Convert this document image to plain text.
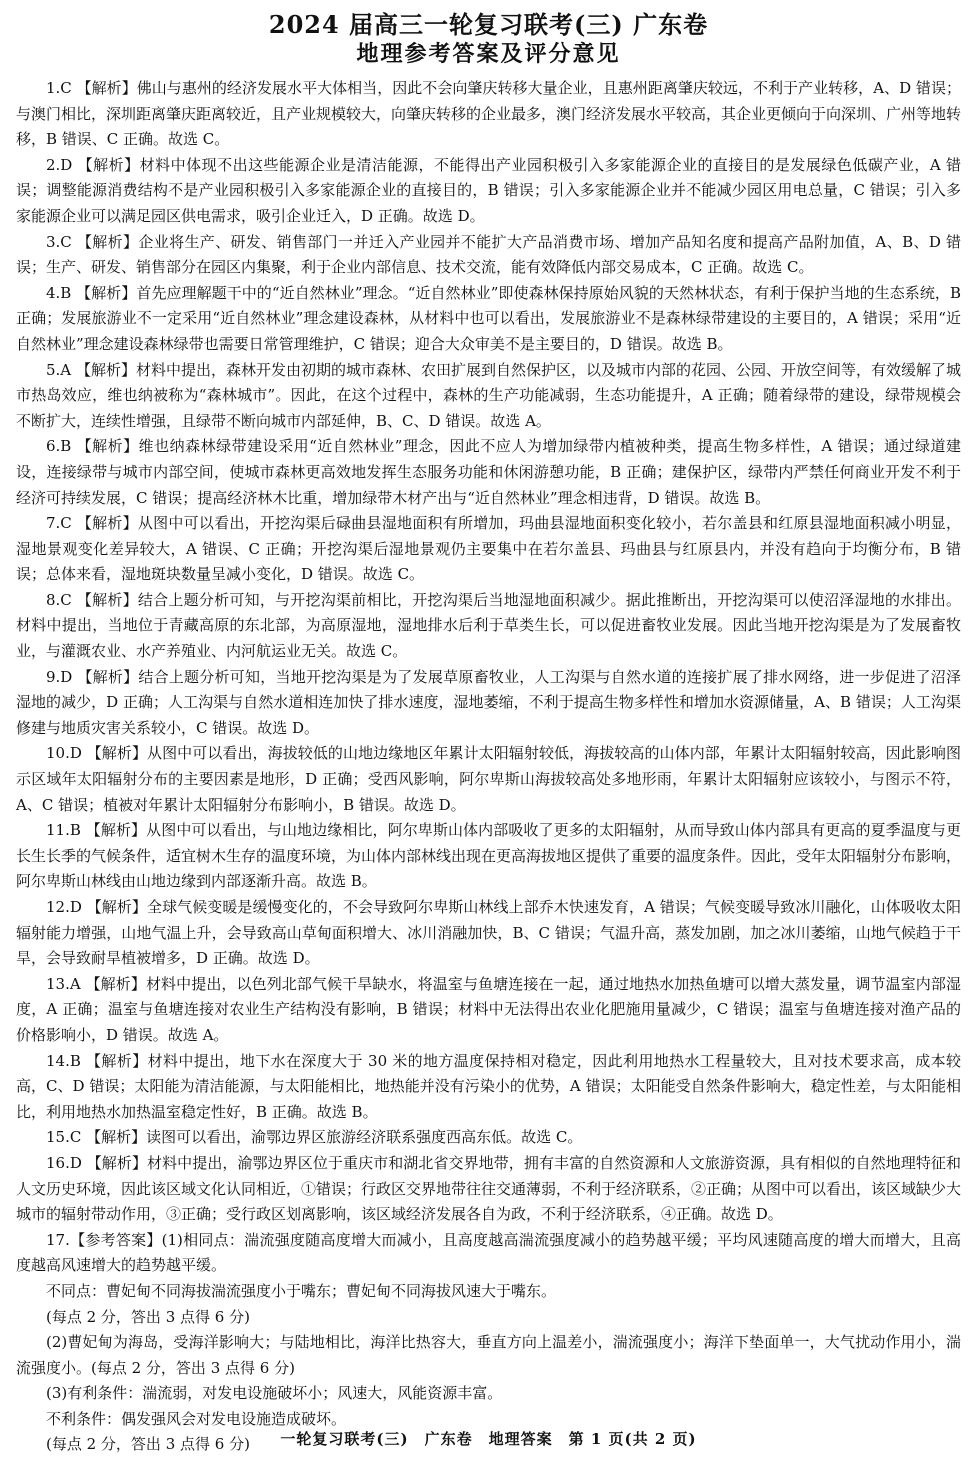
2024 届高三一轮复习联考(三) 广东卷
地理参考答案及评分意见

1.C 【解析】佛山与惠州的经济发展水平大体相当，因此不会向肇庆转移大量企业，且惠州距离肇庆较远，不利于产业转移，A、D 错误；与澳门相比，深圳距离肇庆距离较近，且产业规模较大，向肇庆转移的企业最多，澳门经济发展水平较高，其企业更倾向于向深圳、广州等地转移，B 错误、C 正确。故选 C。

2.D 【解析】材料中体现不出这些能源企业是清洁能源，不能得出产业园积极引入多家能源企业的直接目的是发展绿色低碳产业，A 错误；调整能源消费结构不是产业园积极引入多家能源企业的直接目的，B 错误；引入多家能源企业并不能减少园区用电总量，C 错误；引入多家能源企业可以满足园区供电需求，吸引企业迁入，D 正确。故选 D。

3.C 【解析】企业将生产、研发、销售部门一并迁入产业园并不能扩大产品消费市场、增加产品知名度和提高产品附加值，A、B、D 错误；生产、研发、销售部分在园区内集聚，利于企业内部信息、技术交流，能有效降低内部交易成本，C 正确。故选 C。

4.B 【解析】首先应理解题干中的“近自然林业”理念。“近自然林业”即使森林保持原始风貌的天然林状态，有利于保护当地的生态系统，B 正确；发展旅游业不一定采用“近自然林业”理念建设森林，从材料中也可以看出，发展旅游业不是森林绿带建设的主要目的，A 错误；采用“近自然林业”理念建设森林绿带也需要日常管理维护，C 错误；迎合大众审美不是主要目的，D 错误。故选 B。

5.A 【解析】材料中提出，森林开发由初期的城市森林、农田扩展到自然保护区，以及城市内部的花园、公园、开放空间等，有效缓解了城市热岛效应，维也纳被称为“森林城市”。因此，在这个过程中，森林的生产功能减弱，生态功能提升，A 正确；随着绿带的建设，绿带规模会不断扩大，连续性增强，且绿带不断向城市内部延伸，B、C、D 错误。故选 A。

6.B 【解析】维也纳森林绿带建设采用“近自然林业”理念，因此不应人为增加绿带内植被种类，提高生物多样性，A 错误；通过绿道建设，连接绿带与城市内部空间，使城市森林更高效地发挥生态服务功能和休闲游憩功能，B 正确；建保护区，绿带内严禁任何商业开发不利于经济可持续发展，C 错误；提高经济林木比重，增加绿带木材产出与“近自然林业”理念相违背，D 错误。故选 B。

7.C 【解析】从图中可以看出，开挖沟渠后碌曲县湿地面积有所增加，玛曲县湿地面积变化较小，若尔盖县和红原县湿地面积减小明显，湿地景观变化差异较大，A 错误、C 正确；开挖沟渠后湿地景观仍主要集中在若尔盖县、玛曲县与红原县内，并没有趋向于均衡分布，B 错误；总体来看，湿地斑块数量呈减小变化，D 错误。故选 C。

8.C 【解析】结合上题分析可知，与开挖沟渠前相比，开挖沟渠后当地湿地面积减少。据此推断出，开挖沟渠可以使沼泽湿地的水排出。材料中提出，当地位于青藏高原的东北部，为高原湿地，湿地排水后利于草类生长，可以促进畜牧业发展。因此当地开挖沟渠是为了发展畜牧业，与灌溉农业、水产养殖业、内河航运业无关。故选 C。

9.D 【解析】结合上题分析可知，当地开挖沟渠是为了发展草原畜牧业，人工沟渠与自然水道的连接扩展了排水网络，进一步促进了沼泽湿地的减少，D 正确；人工沟渠与自然水道相连加快了排水速度，湿地萎缩，不利于提高生物多样性和增加水资源储量，A、B 错误；人工沟渠修建与地质灾害关系较小，C 错误。故选 D。

10.D 【解析】从图中可以看出，海拔较低的山地边缘地区年累计太阳辐射较低，海拔较高的山体内部，年累计太阳辐射较高，因此影响图示区域年太阳辐射分布的主要因素是地形，D 正确；受西风影响，阿尔卑斯山海拔较高处多地形雨，年累计太阳辐射应该较小，与图示不符，A、C 错误；植被对年累计太阳辐射分布影响小，B 错误。故选 D。

11.B 【解析】从图中可以看出，与山地边缘相比，阿尔卑斯山体内部吸收了更多的太阳辐射，从而导致山体内部具有更高的夏季温度与更长生长季的气候条件，适宜树木生存的温度环境，为山体内部林线出现在更高海拔地区提供了重要的温度条件。因此，受年太阳辐射分布影响，阿尔卑斯山林线由山地边缘到内部逐渐升高。故选 B。

12.D 【解析】全球气候变暖是缓慢变化的，不会导致阿尔卑斯山林线上部乔木快速发育，A 错误；气候变暖导致冰川融化，山体吸收太阳辐射能力增强，山地气温上升，会导致高山草甸面积增大、冰川消融加快，B、C 错误；气温升高，蒸发加剧，加之冰川萎缩，山地气候趋于干旱，会导致耐旱植被增多，D 正确。故选 D。

13.A 【解析】材料中提出，以色列北部气候干旱缺水，将温室与鱼塘连接在一起，通过地热水加热鱼塘可以增大蒸发量，调节温室内部湿度，A 正确；温室与鱼塘连接对农业生产结构没有影响，B 错误；材料中无法得出农业化肥施用量减少，C 错误；温室与鱼塘连接对渔产品的价格影响小，D 错误。故选 A。

14.B 【解析】材料中提出，地下水在深度大于 30 米的地方温度保持相对稳定，因此利用地热水工程量较大，且对技术要求高，成本较高，C、D 错误；太阳能为清洁能源，与太阳能相比，地热能并没有污染小的优势，A 错误；太阳能受自然条件影响大，稳定性差，与太阳能相比，利用地热水加热温室稳定性好，B 正确。故选 B。

15.C 【解析】读图可以看出，渝鄂边界区旅游经济联系强度西高东低。故选 C。

16.D 【解析】材料中提出，渝鄂边界区位于重庆市和湖北省交界地带，拥有丰富的自然资源和人文旅游资源，具有相似的自然地理特征和人文历史环境，因此该区域文化认同相近，①错误；行政区交界地带往往交通薄弱，不利于经济联系，②正确；从图中可以看出，该区域缺少大城市的辐射带动作用，③正确；受行政区划离影响，该区域经济发展各自为政，不利于经济联系，④正确。故选 D。

17.【参考答案】(1)相同点：湍流强度随高度增大而减小，且高度越高湍流强度减小的趋势越平缓；平均风速随高度的增大而增大，且高度越高风速增大的趋势越平缓。

不同点：曹妃甸不同海拔湍流强度小于嘴东；曹妃甸不同海拔风速大于嘴东。

(每点 2 分，答出 3 点得 6 分)

(2)曹妃甸为海岛，受海洋影响大；与陆地相比，海洋比热容大，垂直方向上温差小，湍流强度小；海洋下垫面单一，大气扰动作用小，湍流强度小。(每点 2 分，答出 3 点得 6 分)

(3)有利条件：湍流弱，对发电设施破坏小；风速大，风能资源丰富。

不利条件：偶发强风会对发电设施造成破坏。

(每点 2 分，答出 3 点得 6 分)	一轮复习联考(三)　广东卷　地理答案　第 1 页(共 2 页)
